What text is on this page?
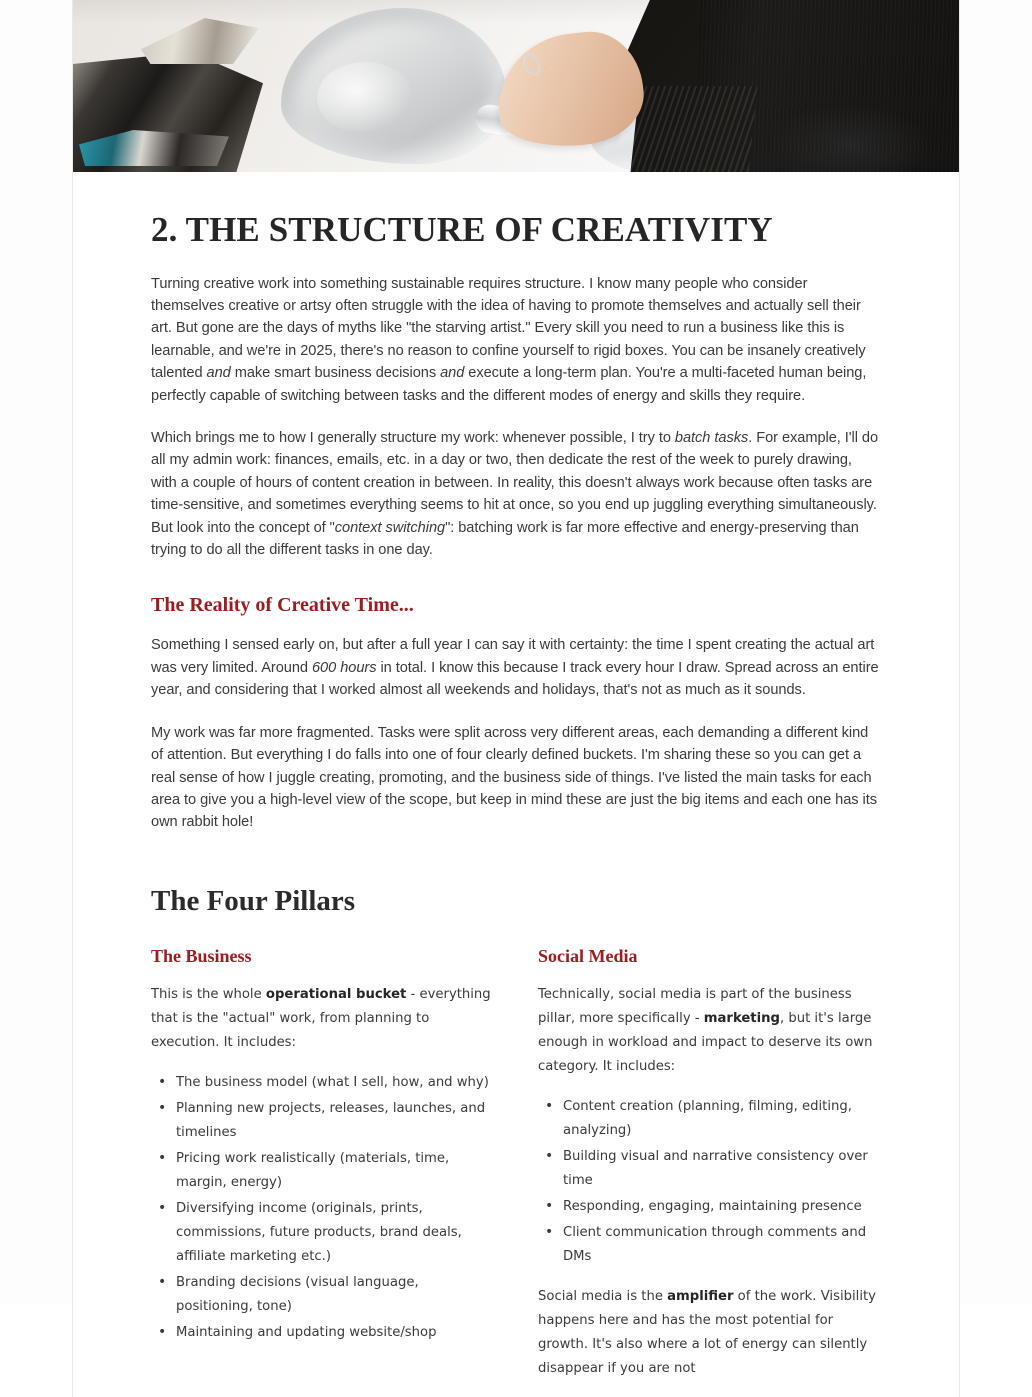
2. THE STRUCTURE OF CREATIVITY

Turning creative work into something sustainable requires structure. I know many people who consider themselves creative or artsy often struggle with the idea of having to promote themselves and actually sell their art. But gone are the days of myths like "the starving artist." Every skill you need to run a business like this is learnable, and we're in 2025, there's no reason to confine yourself to rigid boxes. You can be insanely creatively talented and make smart business decisions and execute a long-term plan. You're a multi-faceted human being, perfectly capable of switching between tasks and the different modes of energy and skills they require.

Which brings me to how I generally structure my work: whenever possible, I try to batch tasks. For example, I'll do all my admin work: finances, emails, etc. in a day or two, then dedicate the rest of the week to purely drawing, with a couple of hours of content creation in between. In reality, this doesn't always work because often tasks are time-sensitive, and sometimes everything seems to hit at once, so you end up juggling everything simultaneously. But look into the concept of "context switching": batching work is far more effective and energy-preserving than trying to do all the different tasks in one day.

The Reality of Creative Time...

Something I sensed early on, but after a full year I can say it with certainty: the time I spent creating the actual art was very limited. Around 600 hours in total. I know this because I track every hour I draw. Spread across an entire year, and considering that I worked almost all weekends and holidays, that's not as much as it sounds.

My work was far more fragmented. Tasks were split across very different areas, each demanding a different kind of attention. But everything I do falls into one of four clearly defined buckets. I'm sharing these so you can get a real sense of how I juggle creating, promoting, and the business side of things. I've listed the main tasks for each area to give you a high-level view of the scope, but keep in mind these are just the big items and each one has its own rabbit hole!

The Four Pillars
The Business

This is the whole operational bucket - everything that is the "actual" work, from planning to execution. It includes:

• The business model (what I sell, how, and why)
• Planning new projects, releases, launches, and timelines
• Pricing work realistically (materials, time, margin, energy)
• Diversifying income (originals, prints, commissions, future products, brand deals, affiliate marketing etc.)
• Branding decisions (visual language, positioning, tone)
• Maintaining and updating website/shop
Social Media

Technically, social media is part of the business pillar, more specifically - marketing, but it's large enough in workload and impact to deserve its own category. It includes:

• Content creation (planning, filming, editing, analyzing)
• Building visual and narrative consistency over time
• Responding, engaging, maintaining presence
• Client communication through comments and DMs

Social media is the amplifier of the work. Visibility happens here and has the most potential for growth. It's also where a lot of energy can silently disappear if you are not
